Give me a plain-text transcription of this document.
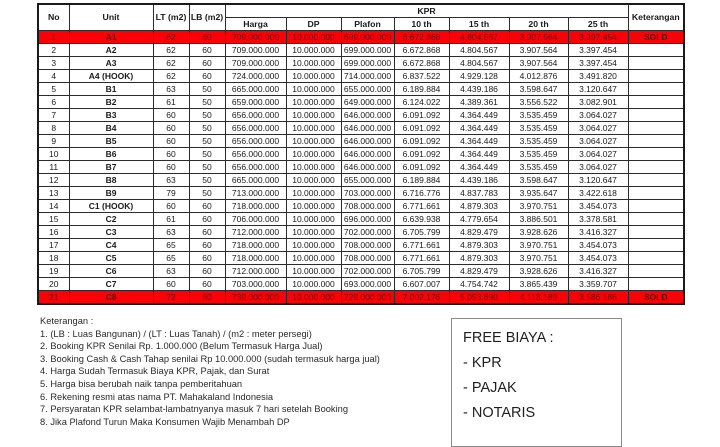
No	Unit	LT (m2)	LB (m2)	KPR							Keterangan
				Harga	DP	Plafon	10 th	15 th	20 th	25 th	
1	A1	62	60	709.000.000	10.000.000	699.000.000	6.672.868	4.804.567	3.907.564	3.397.454	SOLD
2	A2	62	60	709.000.000	10.000.000	699.000.000	6.672.868	4.804.567	3.907.564	3.397.454	
3	A3	62	60	709.000.000	10.000.000	699.000.000	6.672.868	4.804.567	3.907.564	3.397.454	
4	A4 (HOOK)	62	60	724.000.000	10.000.000	714.000.000	6.837.522	4.929.128	4.012.876	3.491.820	
5	B1	63	50	665.000.000	10.000.000	655.000.000	6.189.884	4.439.186	3.598.647	3.120.647	
6	B2	61	50	659.000.000	10.000.000	649.000.000	6.124.022	4.389.361	3.556.522	3.082.901	
7	B3	60	50	656.000.000	10.000.000	646.000.000	6.091.092	4.364.449	3.535.459	3.064.027	
8	B4	60	50	656.000.000	10.000.000	646.000.000	6.091.092	4.364.449	3.535.459	3.064.027	
9	B5	60	50	656.000.000	10.000.000	646.000.000	6.091.092	4.364.449	3.535.459	3.064.027	
10	B6	60	50	656.000.000	10.000.000	646.000.000	6.091.092	4.364.449	3.535.459	3.064.027	
11	B7	60	50	656.000.000	10.000.000	646.000.000	6.091.092	4.364.449	3.535.459	3.064.027	
12	B8	63	50	665.000.000	10.000.000	655.000.000	6.189.884	4.439.186	3.598.647	3.120.647	
13	B9	79	50	713.000.000	10.000.000	703.000.000	6.716.776	4.837.783	3.935.647	3.422.618	
14	C1 (HOOK)	60	60	718.000.000	10.000.000	708.000.000	6.771.661	4.879.303	3.970.751	3.454.073	
15	C2	61	60	706.000.000	10.000.000	696.000.000	6.639.938	4.779.654	3.886.501	3.378.581	
16	C3	63	60	712.000.000	10.000.000	702.000.000	6.705.799	4.829.479	3.928.626	3.416.327	
17	C4	65	60	718.000.000	10.000.000	708.000.000	6.771.661	4.879.303	3.970.751	3.454.073	
18	C5	65	60	718.000.000	10.000.000	708.000.000	6.771.661	4.879.303	3.970.751	3.454.073	
19	C6	63	60	712.000.000	10.000.000	702.000.000	6.705.799	4.829.479	3.928.626	3.416.327	
20	C7	60	60	703.000.000	10.000.000	693.000.000	6.607.007	4.754.742	3.865.439	3.359.707	
21	C8	72	60	739.000.000	10.000.000	729.000.000	7.002.176	5.053.690	4.118.189	3.586.186	SOLD
Keterangan :
1. (LB : Luas Bangunan) / (LT : Luas Tanah) / (m2 : meter persegi)
2. Booking KPR Senilai Rp. 1.000.000 (Belum Termasuk Harga Jual)
3. Booking Cash & Cash Tahap senilai Rp 10.000.000 (sudah termasuk harga jual)
4. Harga Sudah Termasuk Biaya KPR, Pajak, dan Surat
5. Harga bisa berubah naik tanpa pemberitahuan
6. Rekening resmi atas nama PT. Mahakaland Indonesia
7. Persyaratan KPR selambat-lambatnyanya masuk 7 hari setelah Booking
8. Jika Plafond Turun Maka Konsumen Wajib Menambah DP
FREE BIAYA :
- KPR
- PAJAK
- NOTARIS
